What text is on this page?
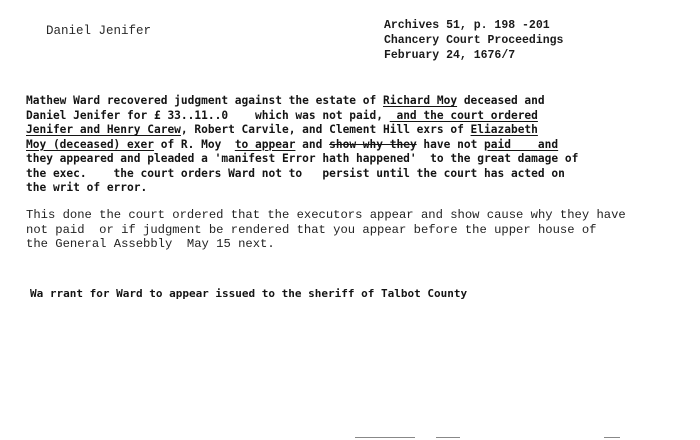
Daniel Jenifer	Archives 51, p. 198 -201
Chancery Court Proceedings
February 24, 1676/7
Mathew Ward recovered judgment against the estate of Richard Moy deceased and
Daniel Jenifer for £ 33..11..0    which was not paid,  and the court ordered
Jenifer and Henry Carew, Robert Carvile, and Clement Hill exrs of Eliazabeth
Moy (deceased) exer of R. Moy  to appear and show why they have not paid    and
they appeared and pleaded a 'manifest Error hath happened'  to the great damage of
the exec.    the court orders Ward not to   persist until the court has acted on
the writ of error.
This done the court ordered that the executors appear and show cause why they have
not paid  or if judgment be rendered that you appear before the upper house of
the General Assebbly  May 15 next.
Wa rrant for Ward to appear issued to the sheriff of Talbot County
